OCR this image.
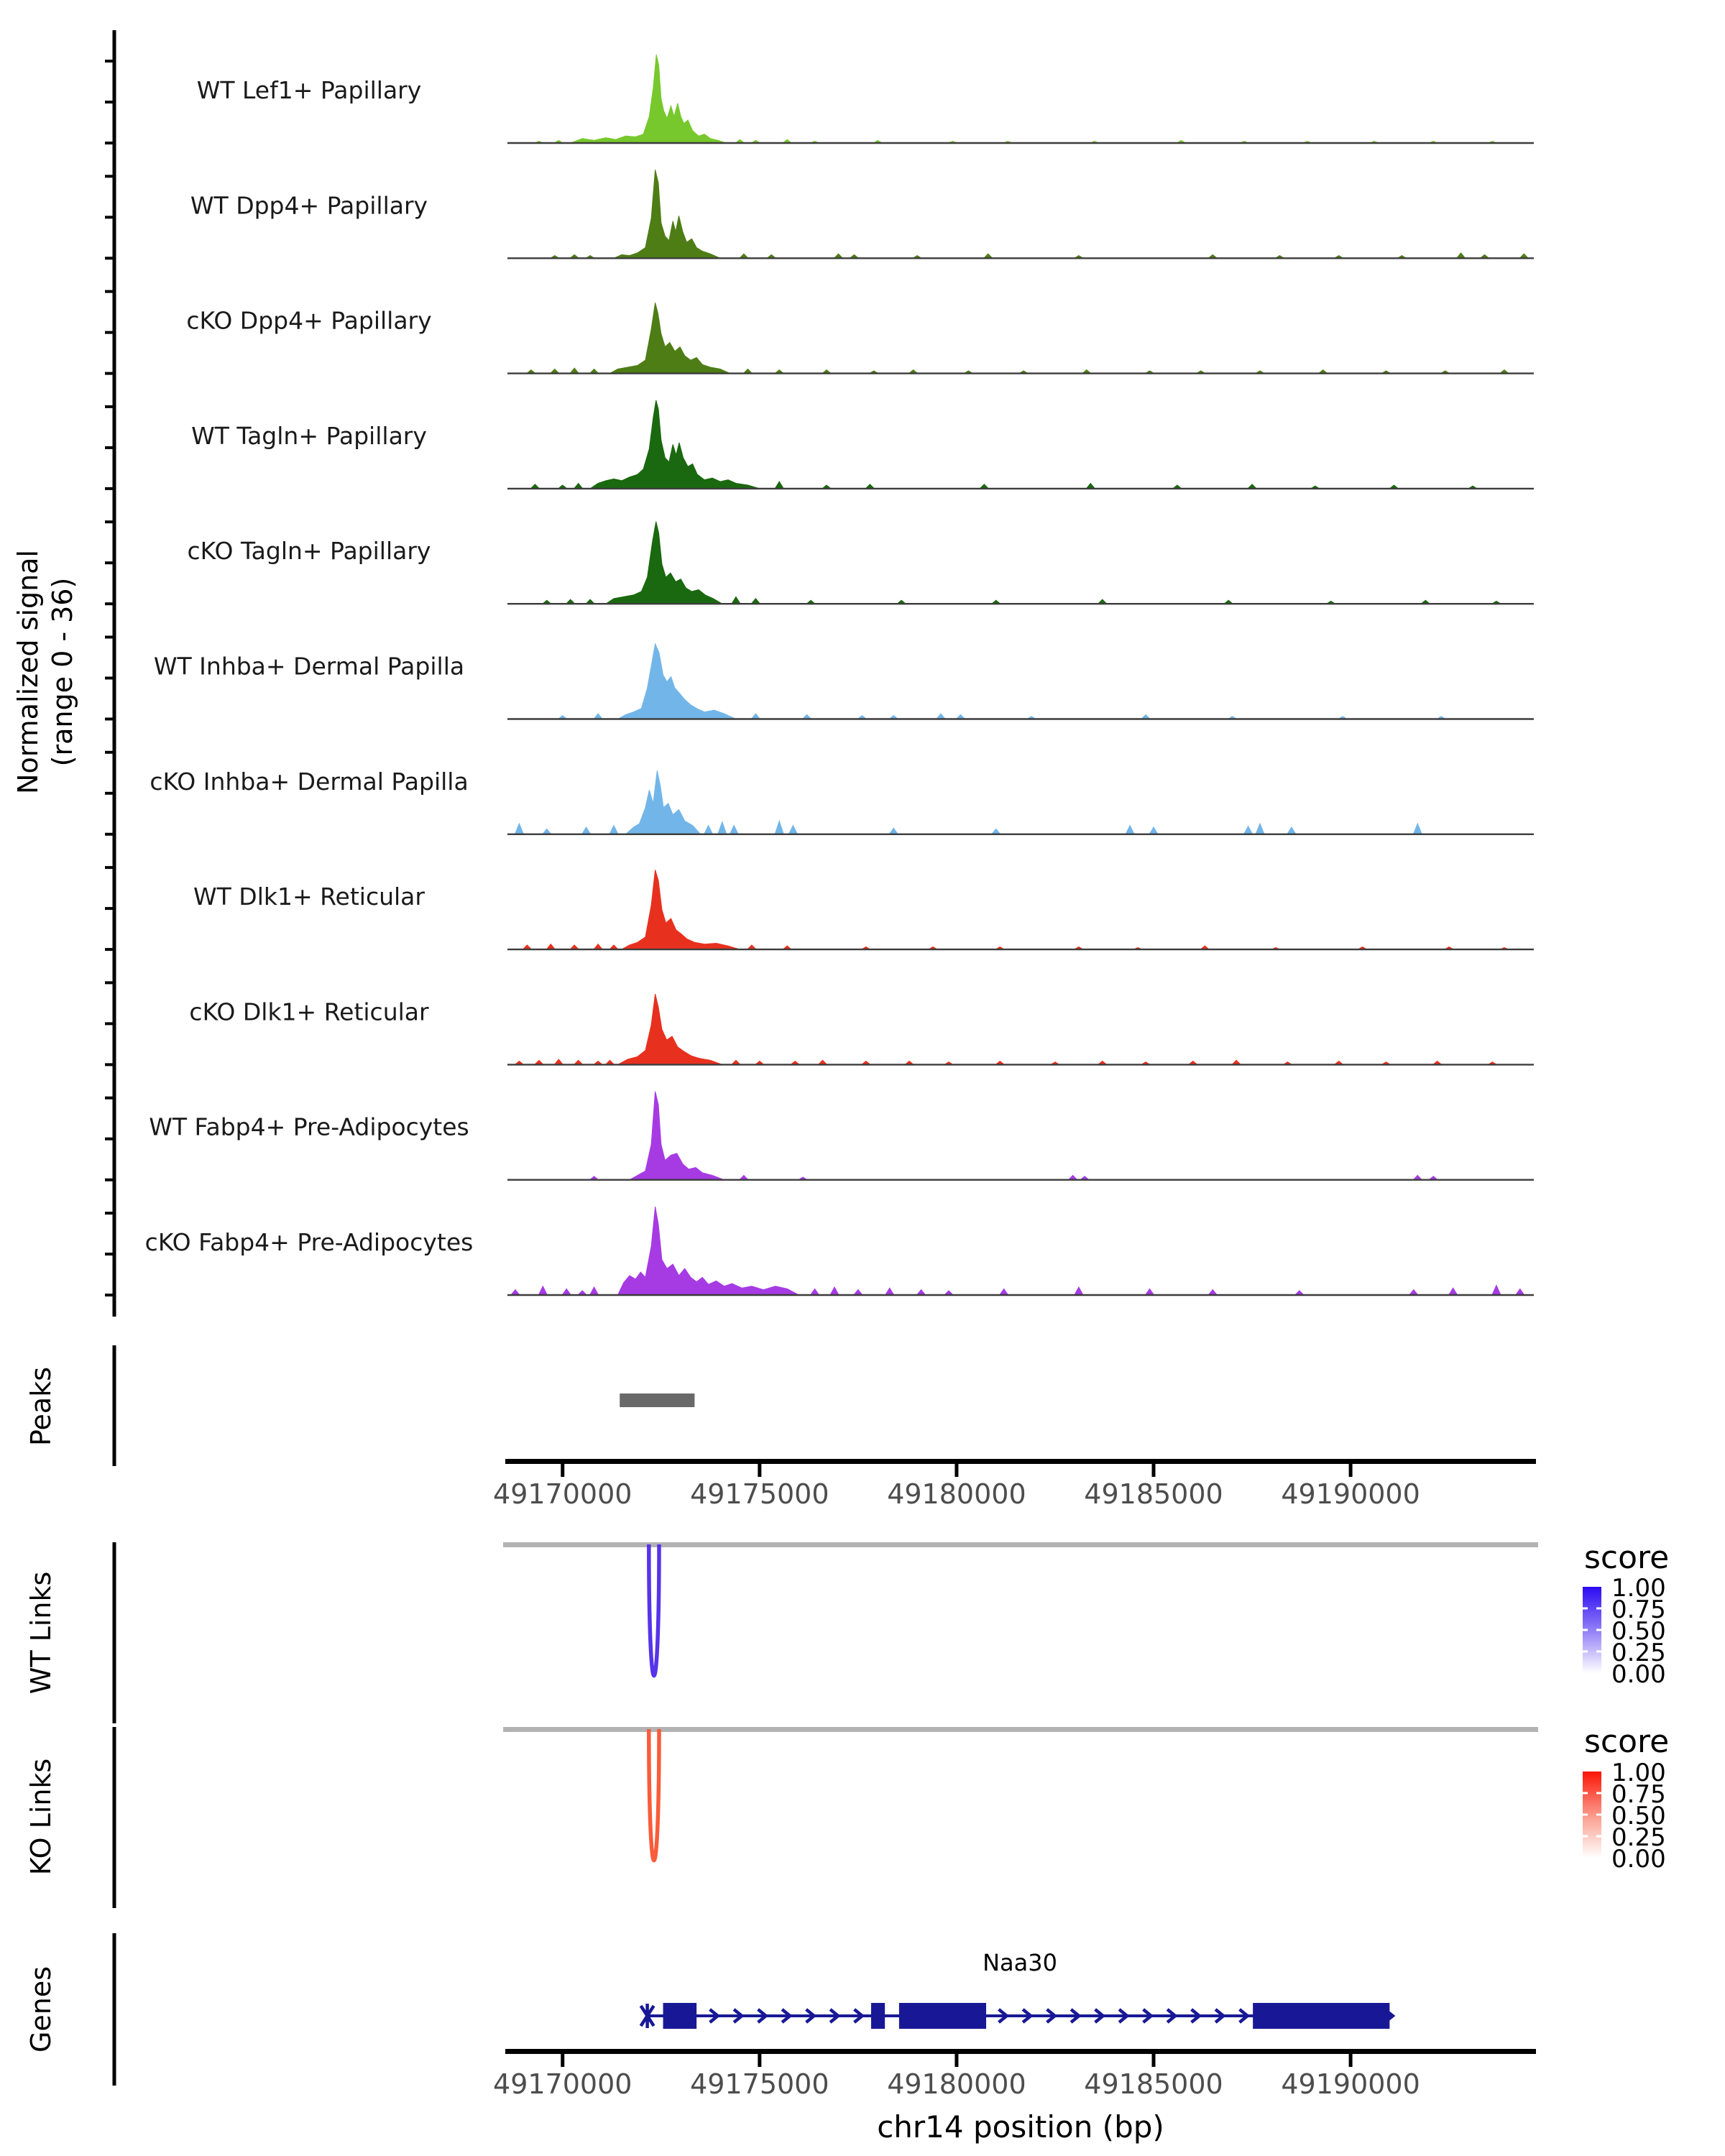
WT Lef1+ Papillary
WT Dpp4+ Papillary
cKO Dpp4+ Papillary
WT Tagln+ Papillary
cKO Tagln+ Papillary
WT Inhba+ Dermal Papilla
cKO Inhba+ Dermal Papilla
WT Dlk1+ Reticular
cKO Dlk1+ Reticular
WT Fabp4+ Pre-Adipocytes
cKO Fabp4+ Pre-Adipocytes
49170000 49175000 49180000 49185000 49190000
1.00
0.75
0.50
0.25
0.00
1.00
0.75
0.50
0.25
0.00
49170000 49175000 49180000 49185000 49190000
Normalized signal (range 0 - 36)
Peaks
WT Links
KO Links
Genes
score
score
Naa30
chr14 position (bp)
